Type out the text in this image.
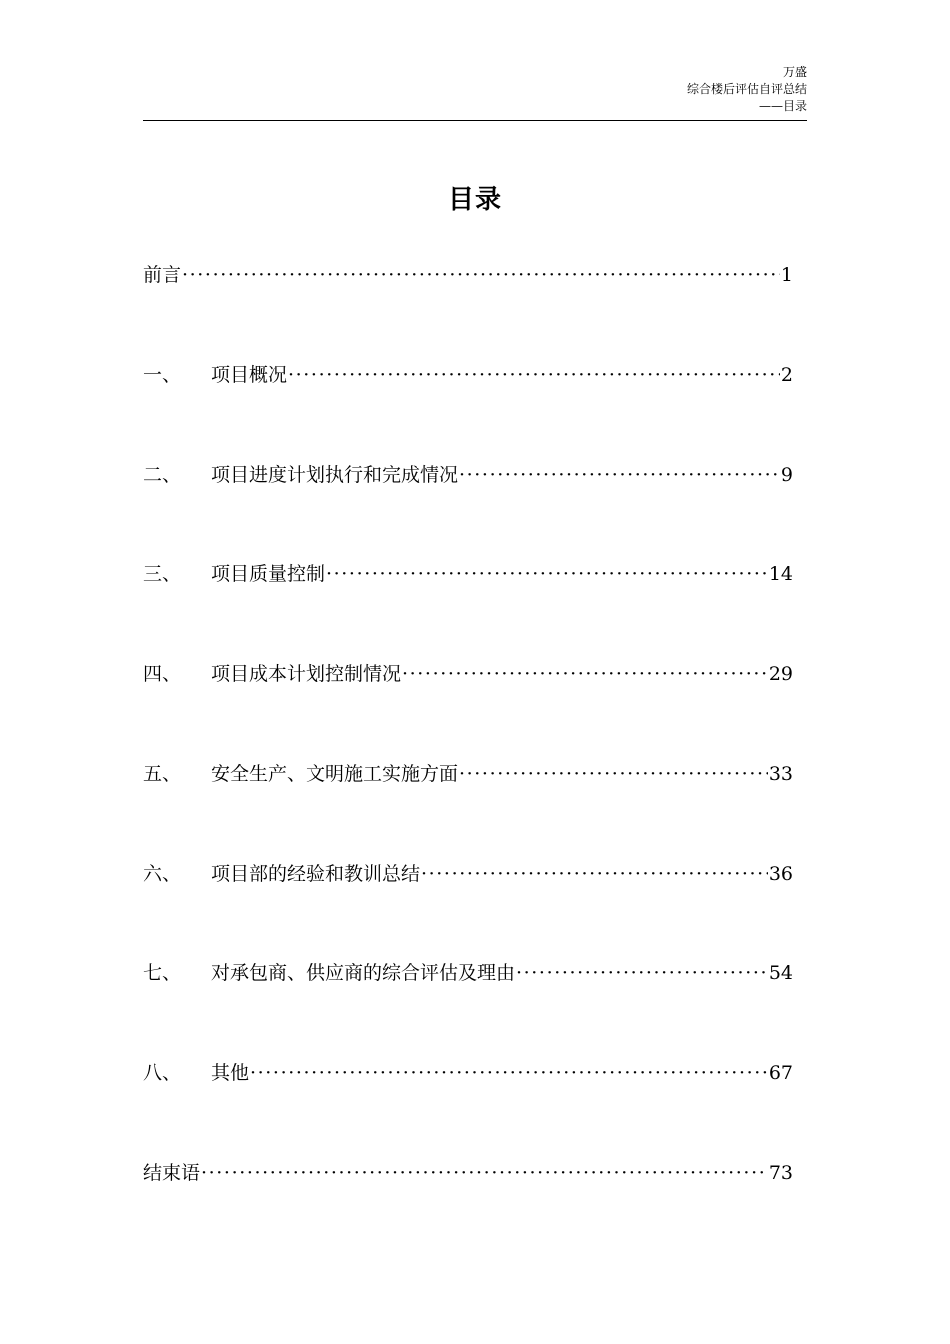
万盛
综合楼后评估自评总结
——目录
目录
前言 ·····	1
一、	项目概况 ·····	2
二、	项目进度计划执行和完成情况 ·····	9
三、	项目质量控制 ·····	14
四、	项目成本计划控制情况 ·····	29
五、	安全生产、文明施工实施方面 ·····	33
六、	项目部的经验和教训总结 ·····	36
七、	对承包商、供应商的综合评估及理由 ·····	54
八、	其他 ·····	67
结束语 ·····	73
